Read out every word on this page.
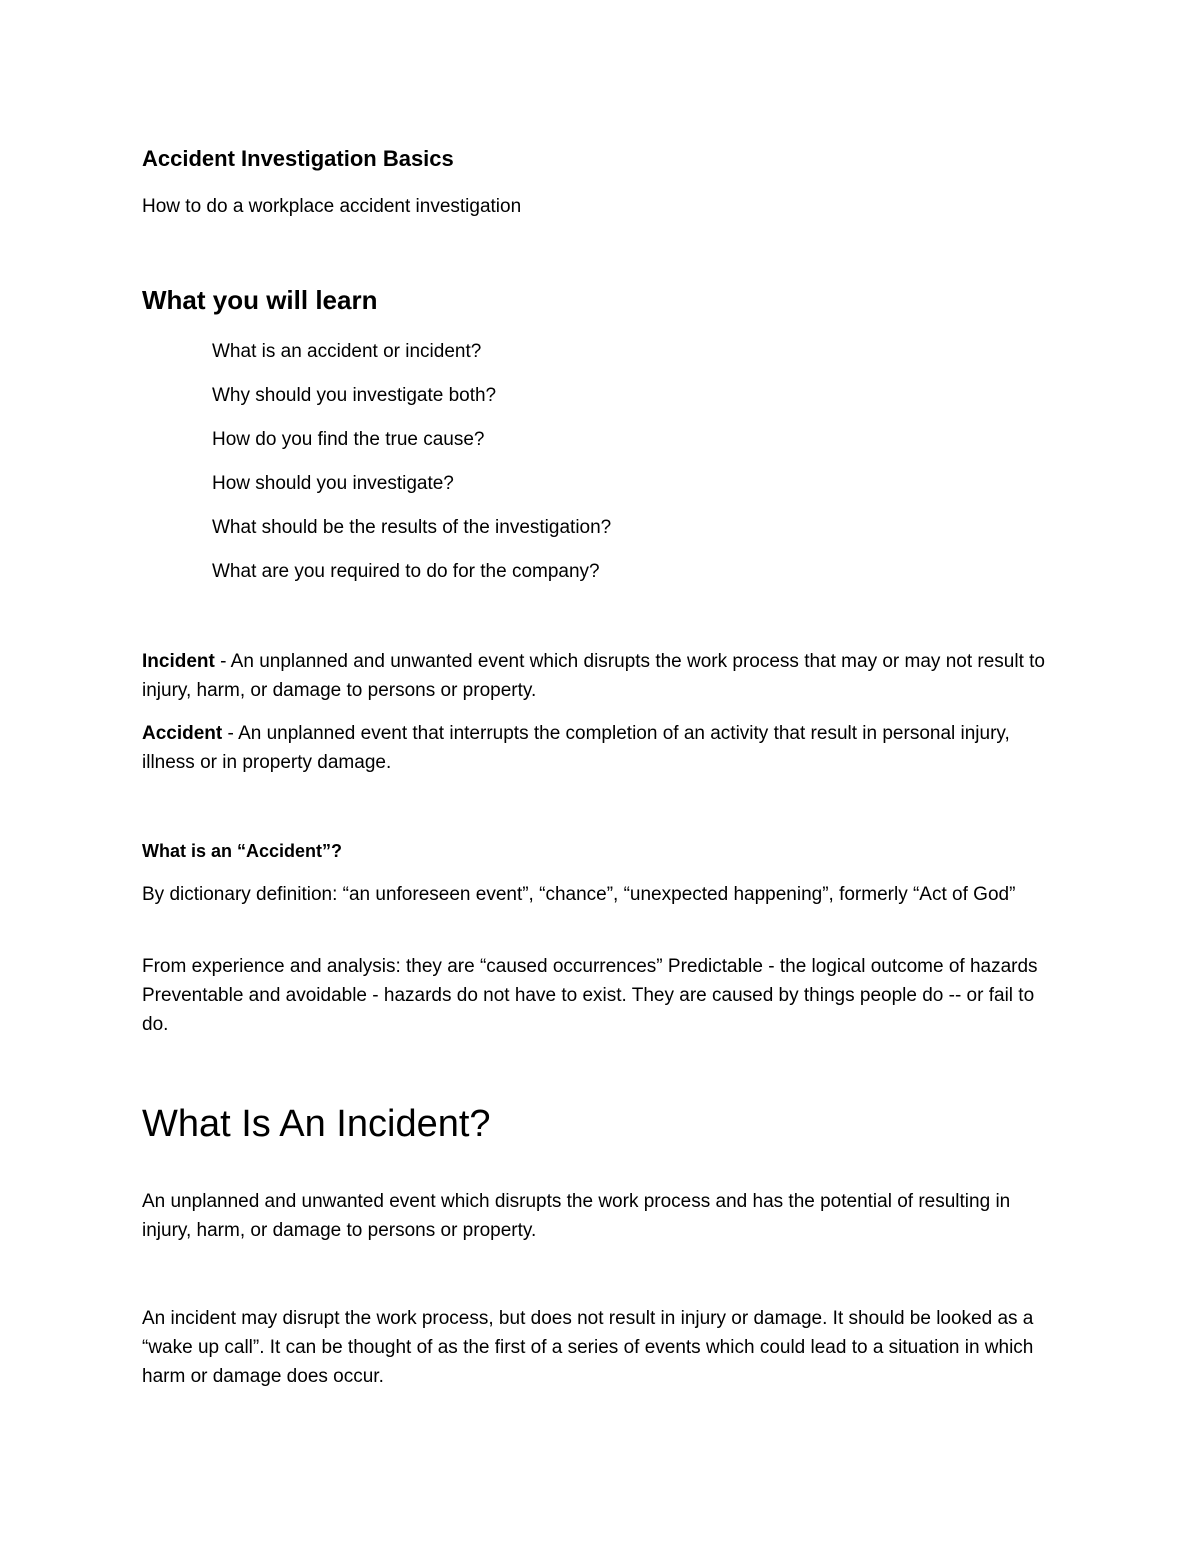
Accident Investigation Basics

How to do a workplace accident investigation

What you will learn
What is an accident or incident?
Why should you investigate both?
How do you find the true cause?
How should you investigate?
What should be the results of the investigation?
What are you required to do for the company?

Incident - An unplanned and unwanted event which disrupts the work process that may or may not result to injury, harm, or damage to persons or property.

Accident - An unplanned event that interrupts the completion of an activity that result in personal injury, illness or in property damage.

What is an “Accident”?

By dictionary definition: “an unforeseen event”, “chance”, “unexpected happening”, formerly “Act of God”

From experience and analysis: they are “caused occurrences” Predictable - the logical outcome of hazards Preventable and avoidable - hazards do not have to exist. They are caused by things people do -- or fail to do.

What Is An Incident?

An unplanned and unwanted event which disrupts the work process and has the potential of resulting in injury, harm, or damage to persons or property.

An incident may disrupt the work process, but does not result in injury or damage. It should be looked as a “wake up call”. It can be thought of as the first of a series of events which could lead to a situation in which harm or damage does occur.
